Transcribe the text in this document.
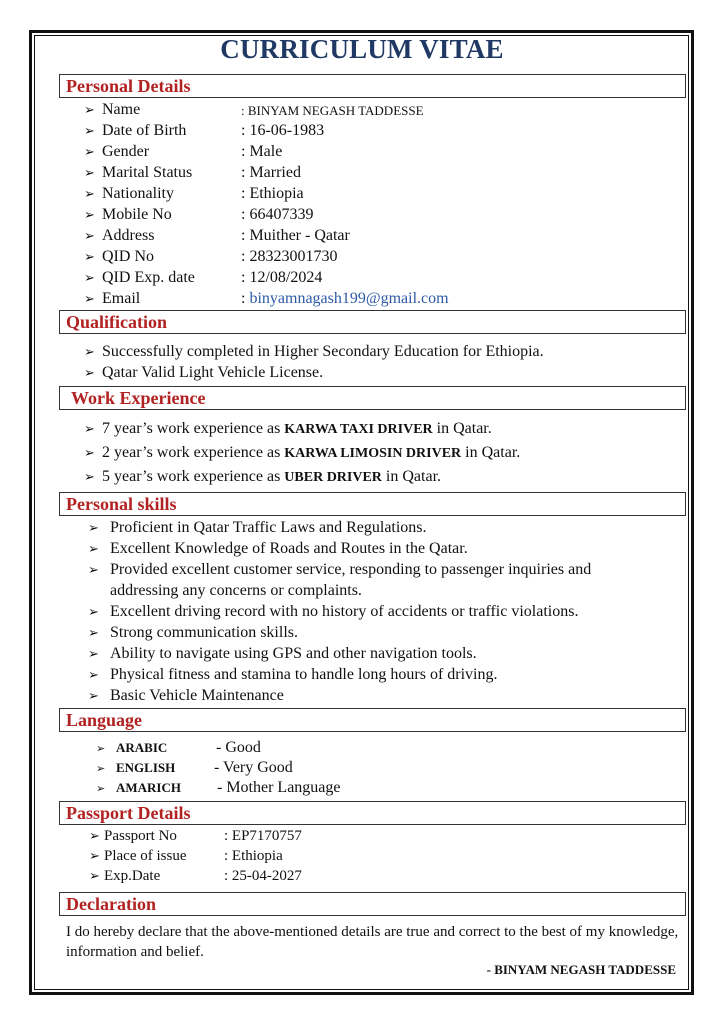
CURRICULUM VITAE
Personal Details
➢ Name	: BINYAM NEGASH TADDESSE
➢ Date of Birth	: 16-06-1983
➢ Gender	: Male
➢ Marital Status	: Married
➢ Nationality	: Ethiopia
➢ Mobile No	: 66407339
➢ Address	: Muither - Qatar
➢ QID No	: 28323001730
➢ QID Exp. date	: 12/08/2024
➢ Email	: binyamnagash199@gmail.com
Qualification
➢ Successfully completed in Higher Secondary Education for Ethiopia.
➢ Qatar Valid Light Vehicle License.
Work Experience
➢ 7 year’s work experience as KARWA TAXI DRIVER in Qatar.
➢ 2 year’s work experience as KARWA LIMOSIN DRIVER in Qatar.
➢ 5 year’s work experience as UBER DRIVER in Qatar.
Personal skills
➢ Proficient in Qatar Traffic Laws and Regulations.
➢ Excellent Knowledge of Roads and Routes in the Qatar.
➢ Provided excellent customer service, responding to passenger inquiries and
addressing any concerns or complaints.
➢ Excellent driving record with no history of accidents or traffic violations.
➢ Strong communication skills.
➢ Ability to navigate using GPS and other navigation tools.
➢ Physical fitness and stamina to handle long hours of driving.
➢ Basic Vehicle Maintenance
Language
➢ ARABIC	- Good
➢ ENGLISH - Very Good
➢ AMARICH - Mother Language
Passport Details
➢ Passport No	: EP7170757
➢ Place of issue	: Ethiopia
➢ Exp.Date	: 25-04-2027
Declaration
I do hereby declare that the above-mentioned details are true and correct to the best of my knowledge, information and belief.
- BINYAM NEGASH TADDESSE
